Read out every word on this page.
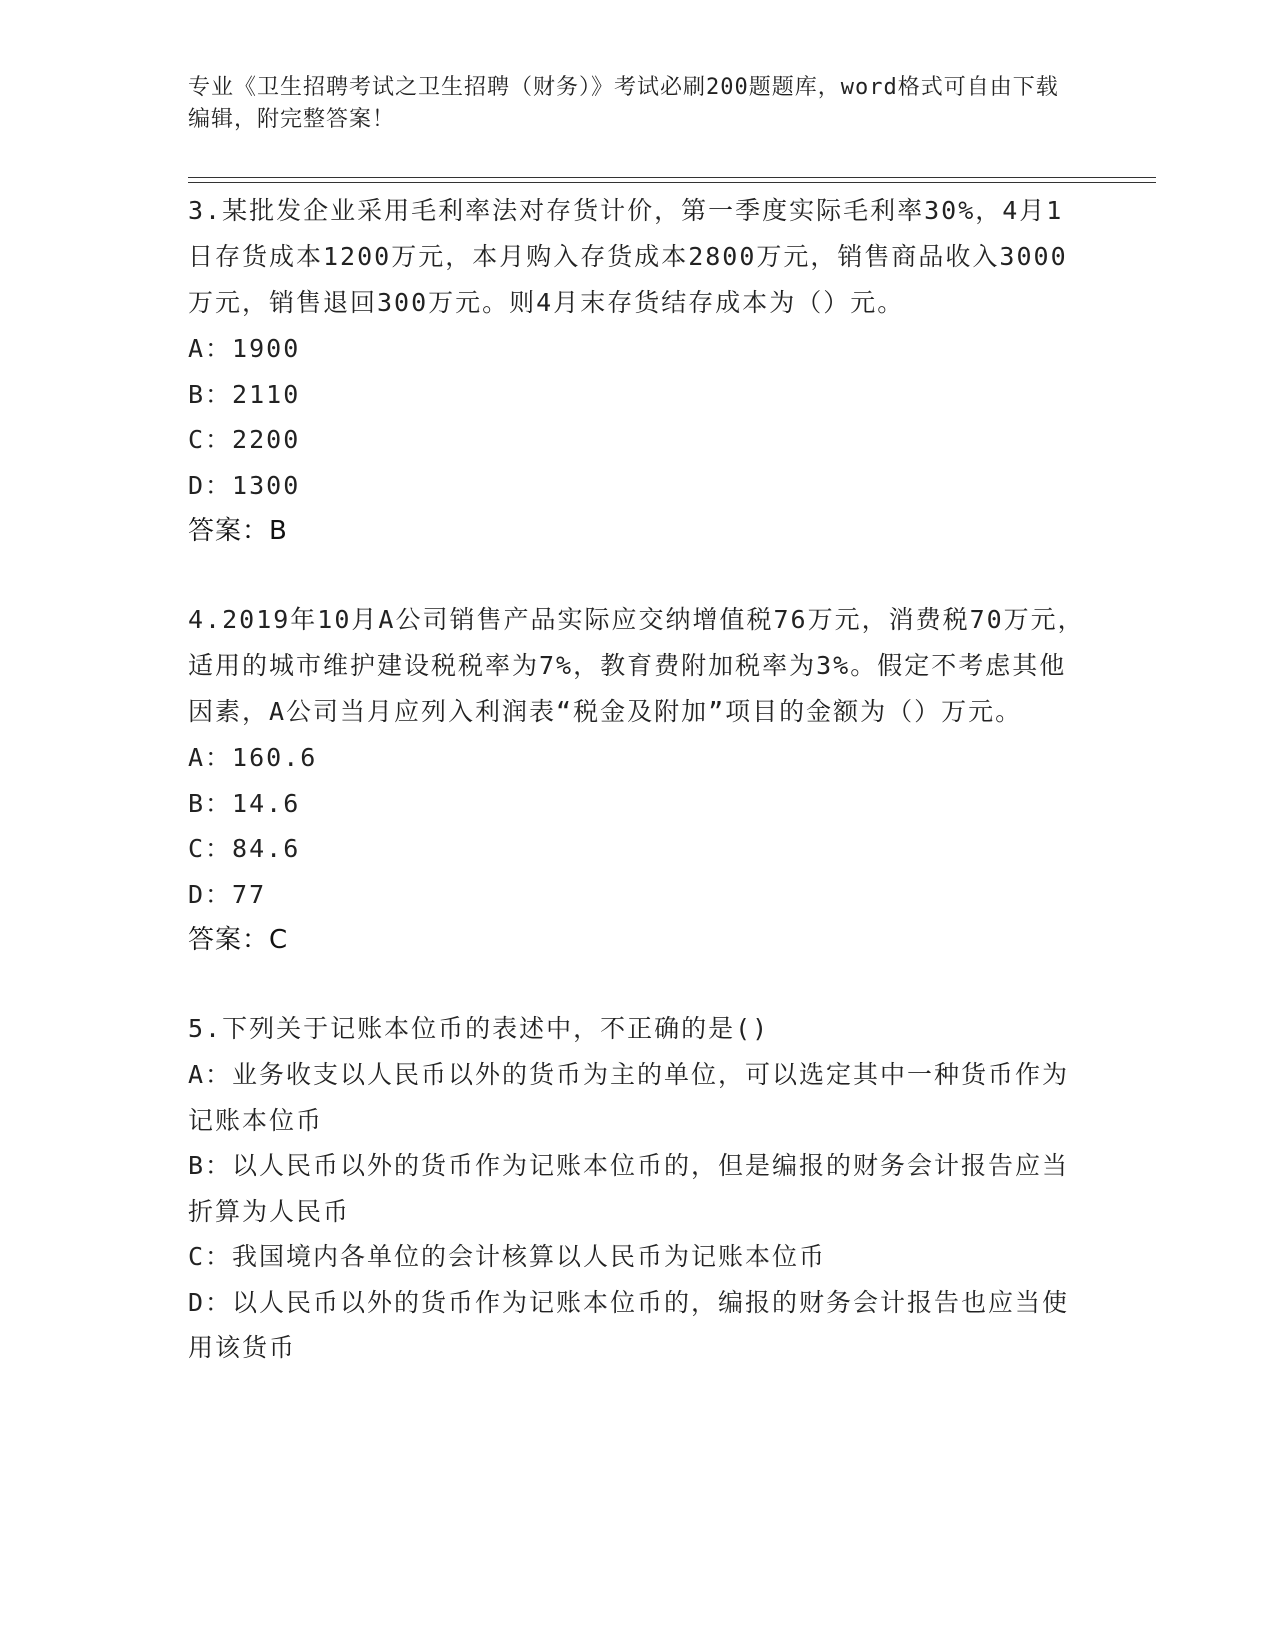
专业《卫生招聘考试之卫生招聘（财务）》考试必刷200题题库，word格式可自由下载编辑，附完整答案！

3.某批发企业采用毛利率法对存货计价，第一季度实际毛利率30%，4月1日存货成本1200万元，本月购入存货成本2800万元，销售商品收入3000万元，销售退回300万元。则4月末存货结存成本为（）元。

A：1900

B：2110

C：2200

D：1300

答案：B

4.2019年10月A公司销售产品实际应交纳增值税76万元，消费税70万元，适用的城市维护建设税税率为7%，教育费附加税率为3%。假定不考虑其他因素，A公司当月应列入利润表“税金及附加”项目的金额为（）万元。

A：160.6

B：14.6

C：84.6

D：77

答案：C

5.下列关于记账本位币的表述中，不正确的是()

A：业务收支以人民币以外的货币为主的单位，可以选定其中一种货币作为记账本位币

B：以人民币以外的货币作为记账本位币的，但是编报的财务会计报告应当折算为人民币

C：我国境内各单位的会计核算以人民币为记账本位币

D：以人民币以外的货币作为记账本位币的，编报的财务会计报告也应当使用该货币
